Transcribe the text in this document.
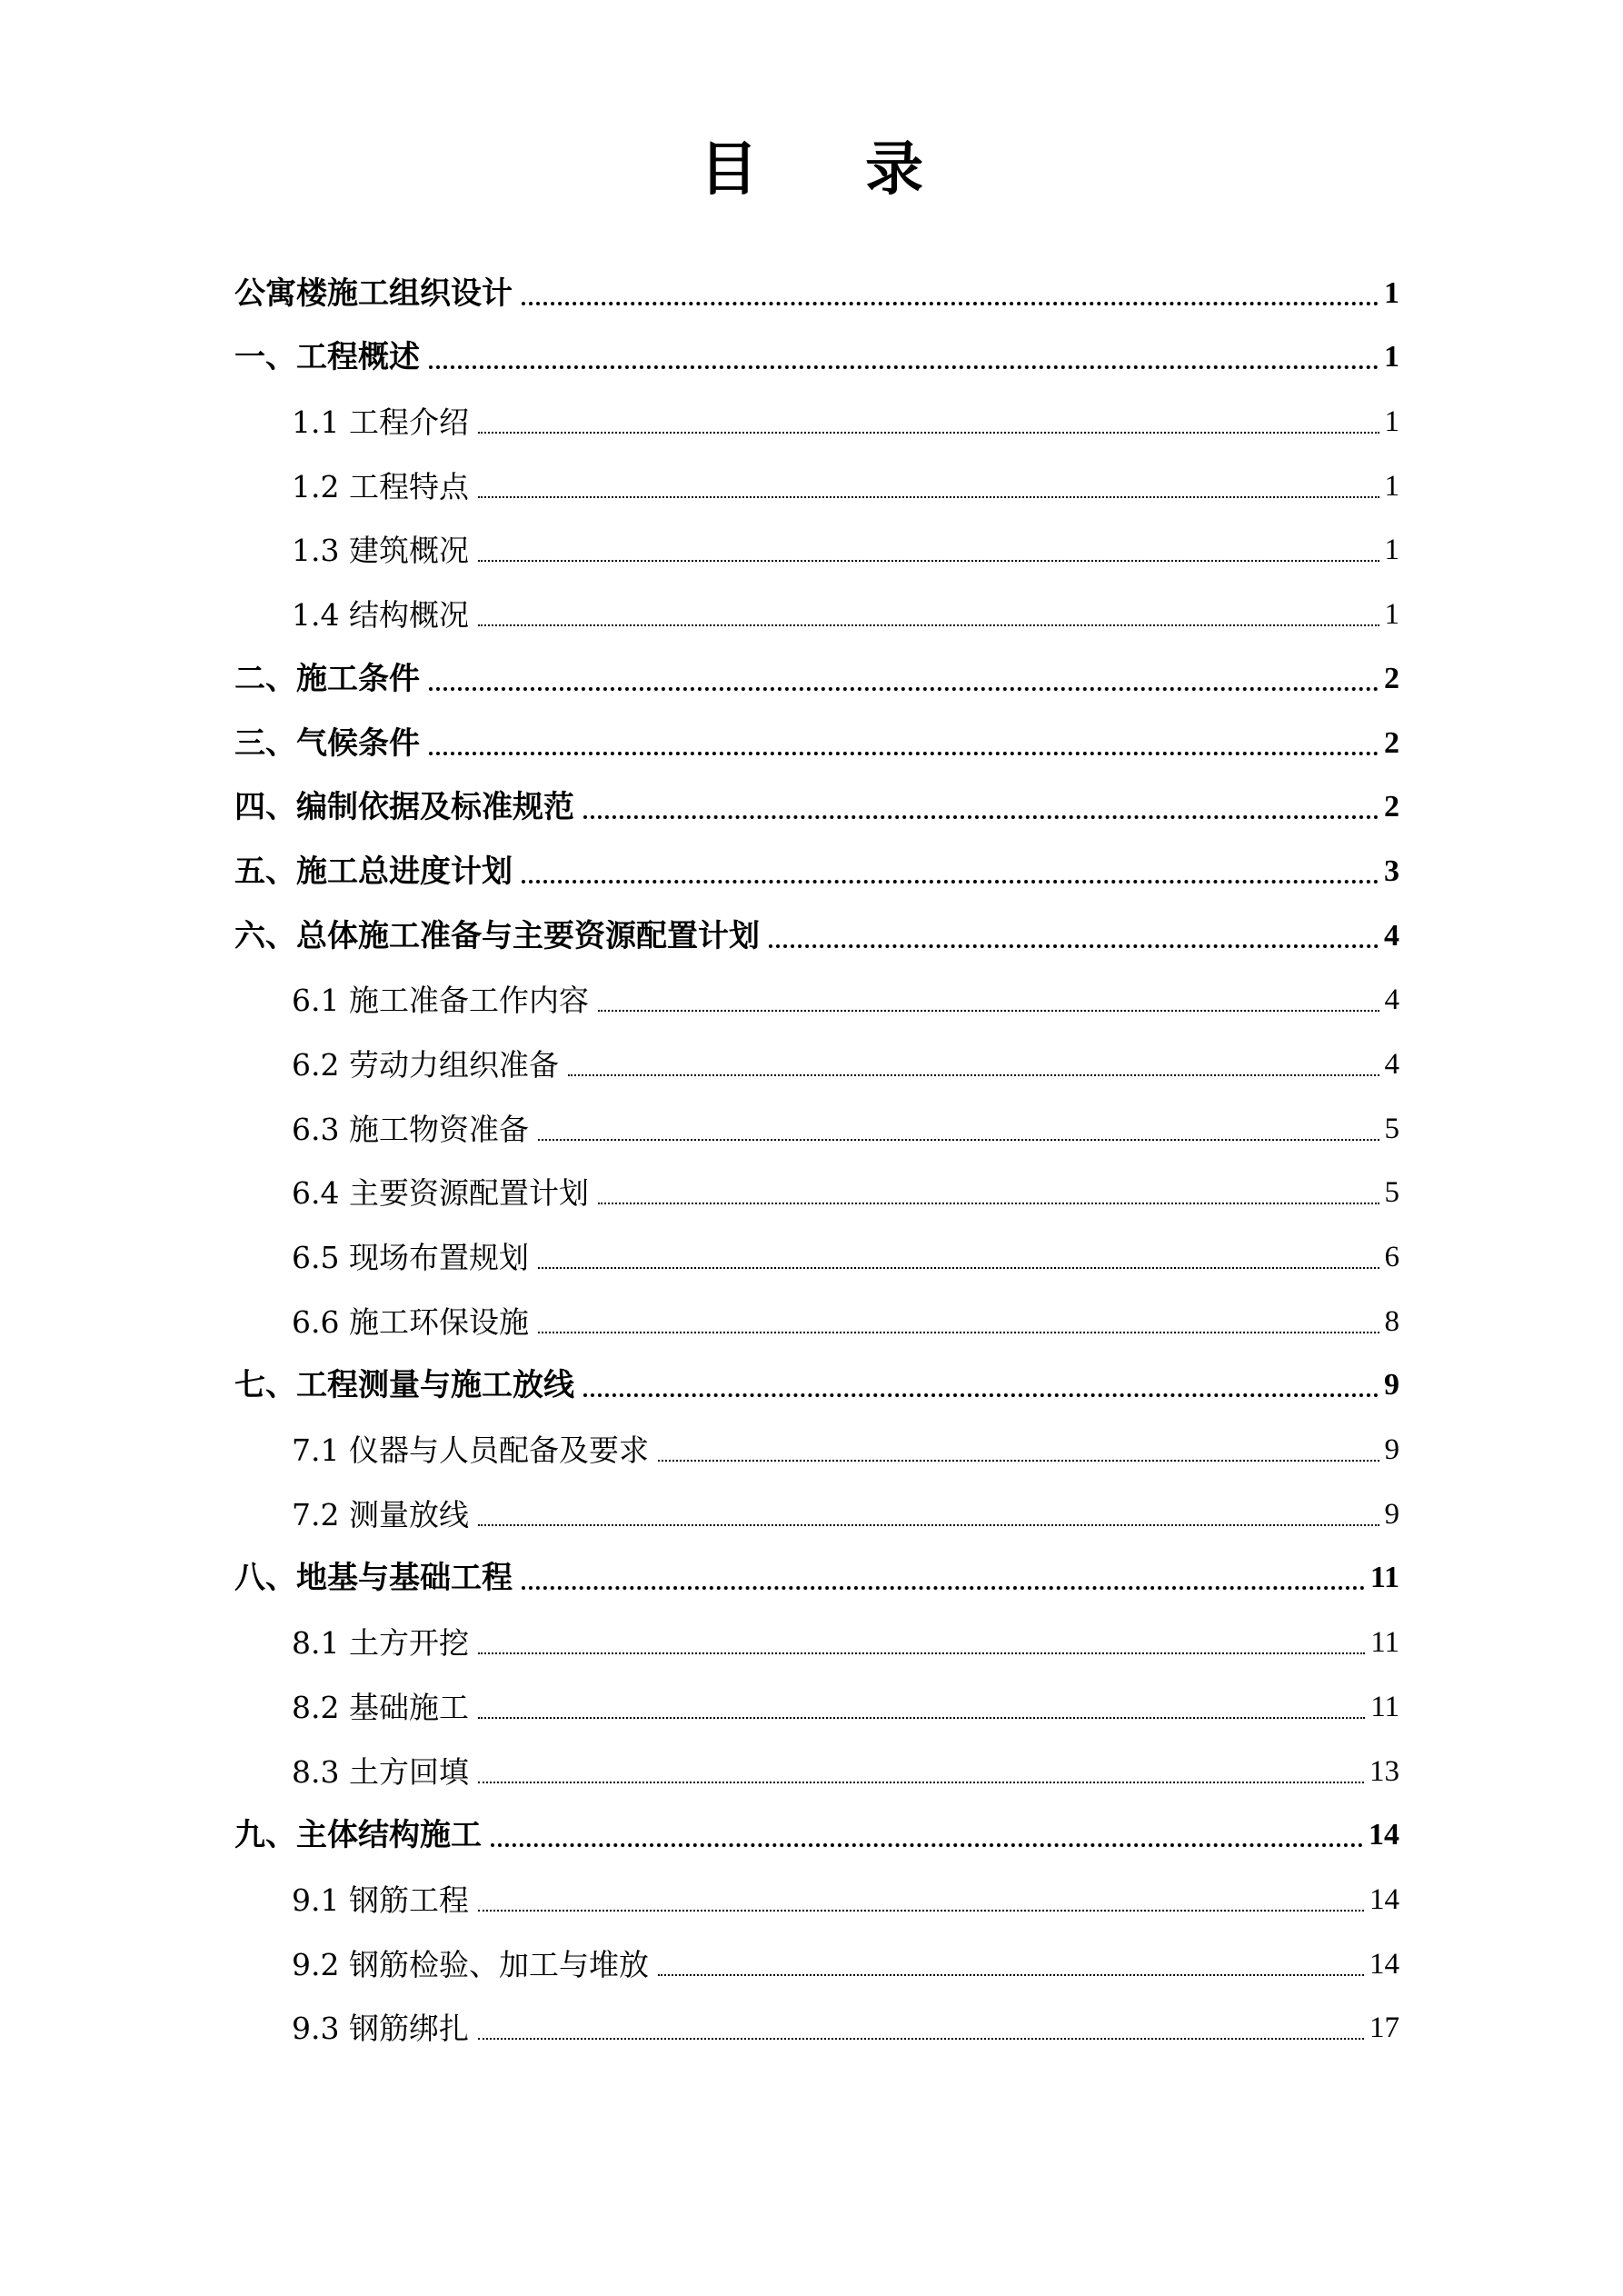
目 录
公寓楼施工组织设计	1
一、工程概述	1
1.1 工程介绍	1
1.2 工程特点	1
1.3 建筑概况	1
1.4 结构概况	1
二、施工条件	2
三、气候条件	2
四、编制依据及标准规范	2
五、施工总进度计划	3
六、总体施工准备与主要资源配置计划	4
6.1 施工准备工作内容	4
6.2 劳动力组织准备	4
6.3 施工物资准备	5
6.4 主要资源配置计划	5
6.5 现场布置规划	6
6.6 施工环保设施	8
七、工程测量与施工放线	9
7.1 仪器与人员配备及要求	9
7.2 测量放线	9
八、地基与基础工程	11
8.1 土方开挖	11
8.2 基础施工	11
8.3 土方回填	13
九、主体结构施工	14
9.1 钢筋工程	14
9.2 钢筋检验、加工与堆放	14
9.3 钢筋绑扎	17
